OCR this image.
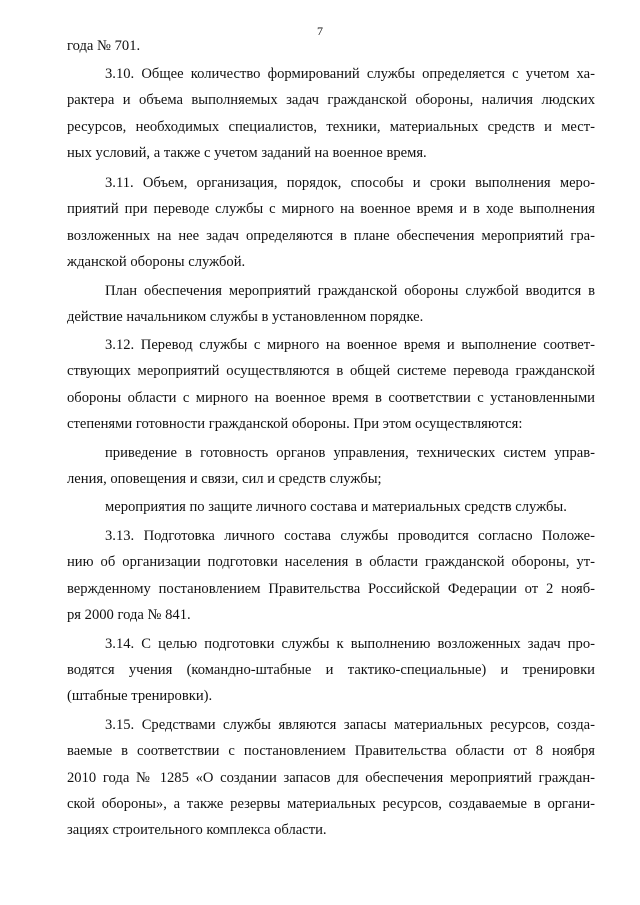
7
года № 701.
3.10. Общее количество формирований службы определяется с учетом ха-
рактера и объема выполняемых задач гражданской обороны, наличия людских
ресурсов, необходимых специалистов, техники, материальных средств и мест-
ных условий, а также с учетом заданий на военное время.
3.11. Объем, организация, порядок, способы и сроки выполнения меро-
приятий при переводе службы с мирного на военное время и в ходе выполнения
возложенных на нее задач определяются в плане обеспечения мероприятий гра-
жданской обороны службой.
План обеспечения мероприятий гражданской обороны службой вводится в
действие начальником службы в установленном порядке.
3.12. Перевод службы с мирного на военное время и выполнение соответ-
ствующих мероприятий осуществляются в общей системе перевода гражданской
обороны области с мирного на военное время в соответствии с установленными
степенями готовности гражданской обороны. При этом осуществляются:
приведение в готовность органов управления, технических систем управ-
ления, оповещения и связи, сил и средств службы;
мероприятия по защите личного состава и материальных средств службы.
3.13. Подготовка личного состава службы проводится согласно Положе-
нию об организации подготовки населения в области гражданской обороны, ут-
вержденному постановлением Правительства Российской Федерации от 2 нояб-
ря 2000 года № 841.
3.14. С целью подготовки службы к выполнению возложенных задач про-
водятся учения (командно-штабные и тактико-специальные) и тренировки
(штабные тренировки).
3.15. Средствами службы являются запасы материальных ресурсов, созда-
ваемые в соответствии с постановлением Правительства области от 8 ноября
2010 года № 1285 «О создании запасов для обеспечения мероприятий граждан-
ской обороны», а также резервы материальных ресурсов, создаваемые в органи-
зациях строительного комплекса области.
